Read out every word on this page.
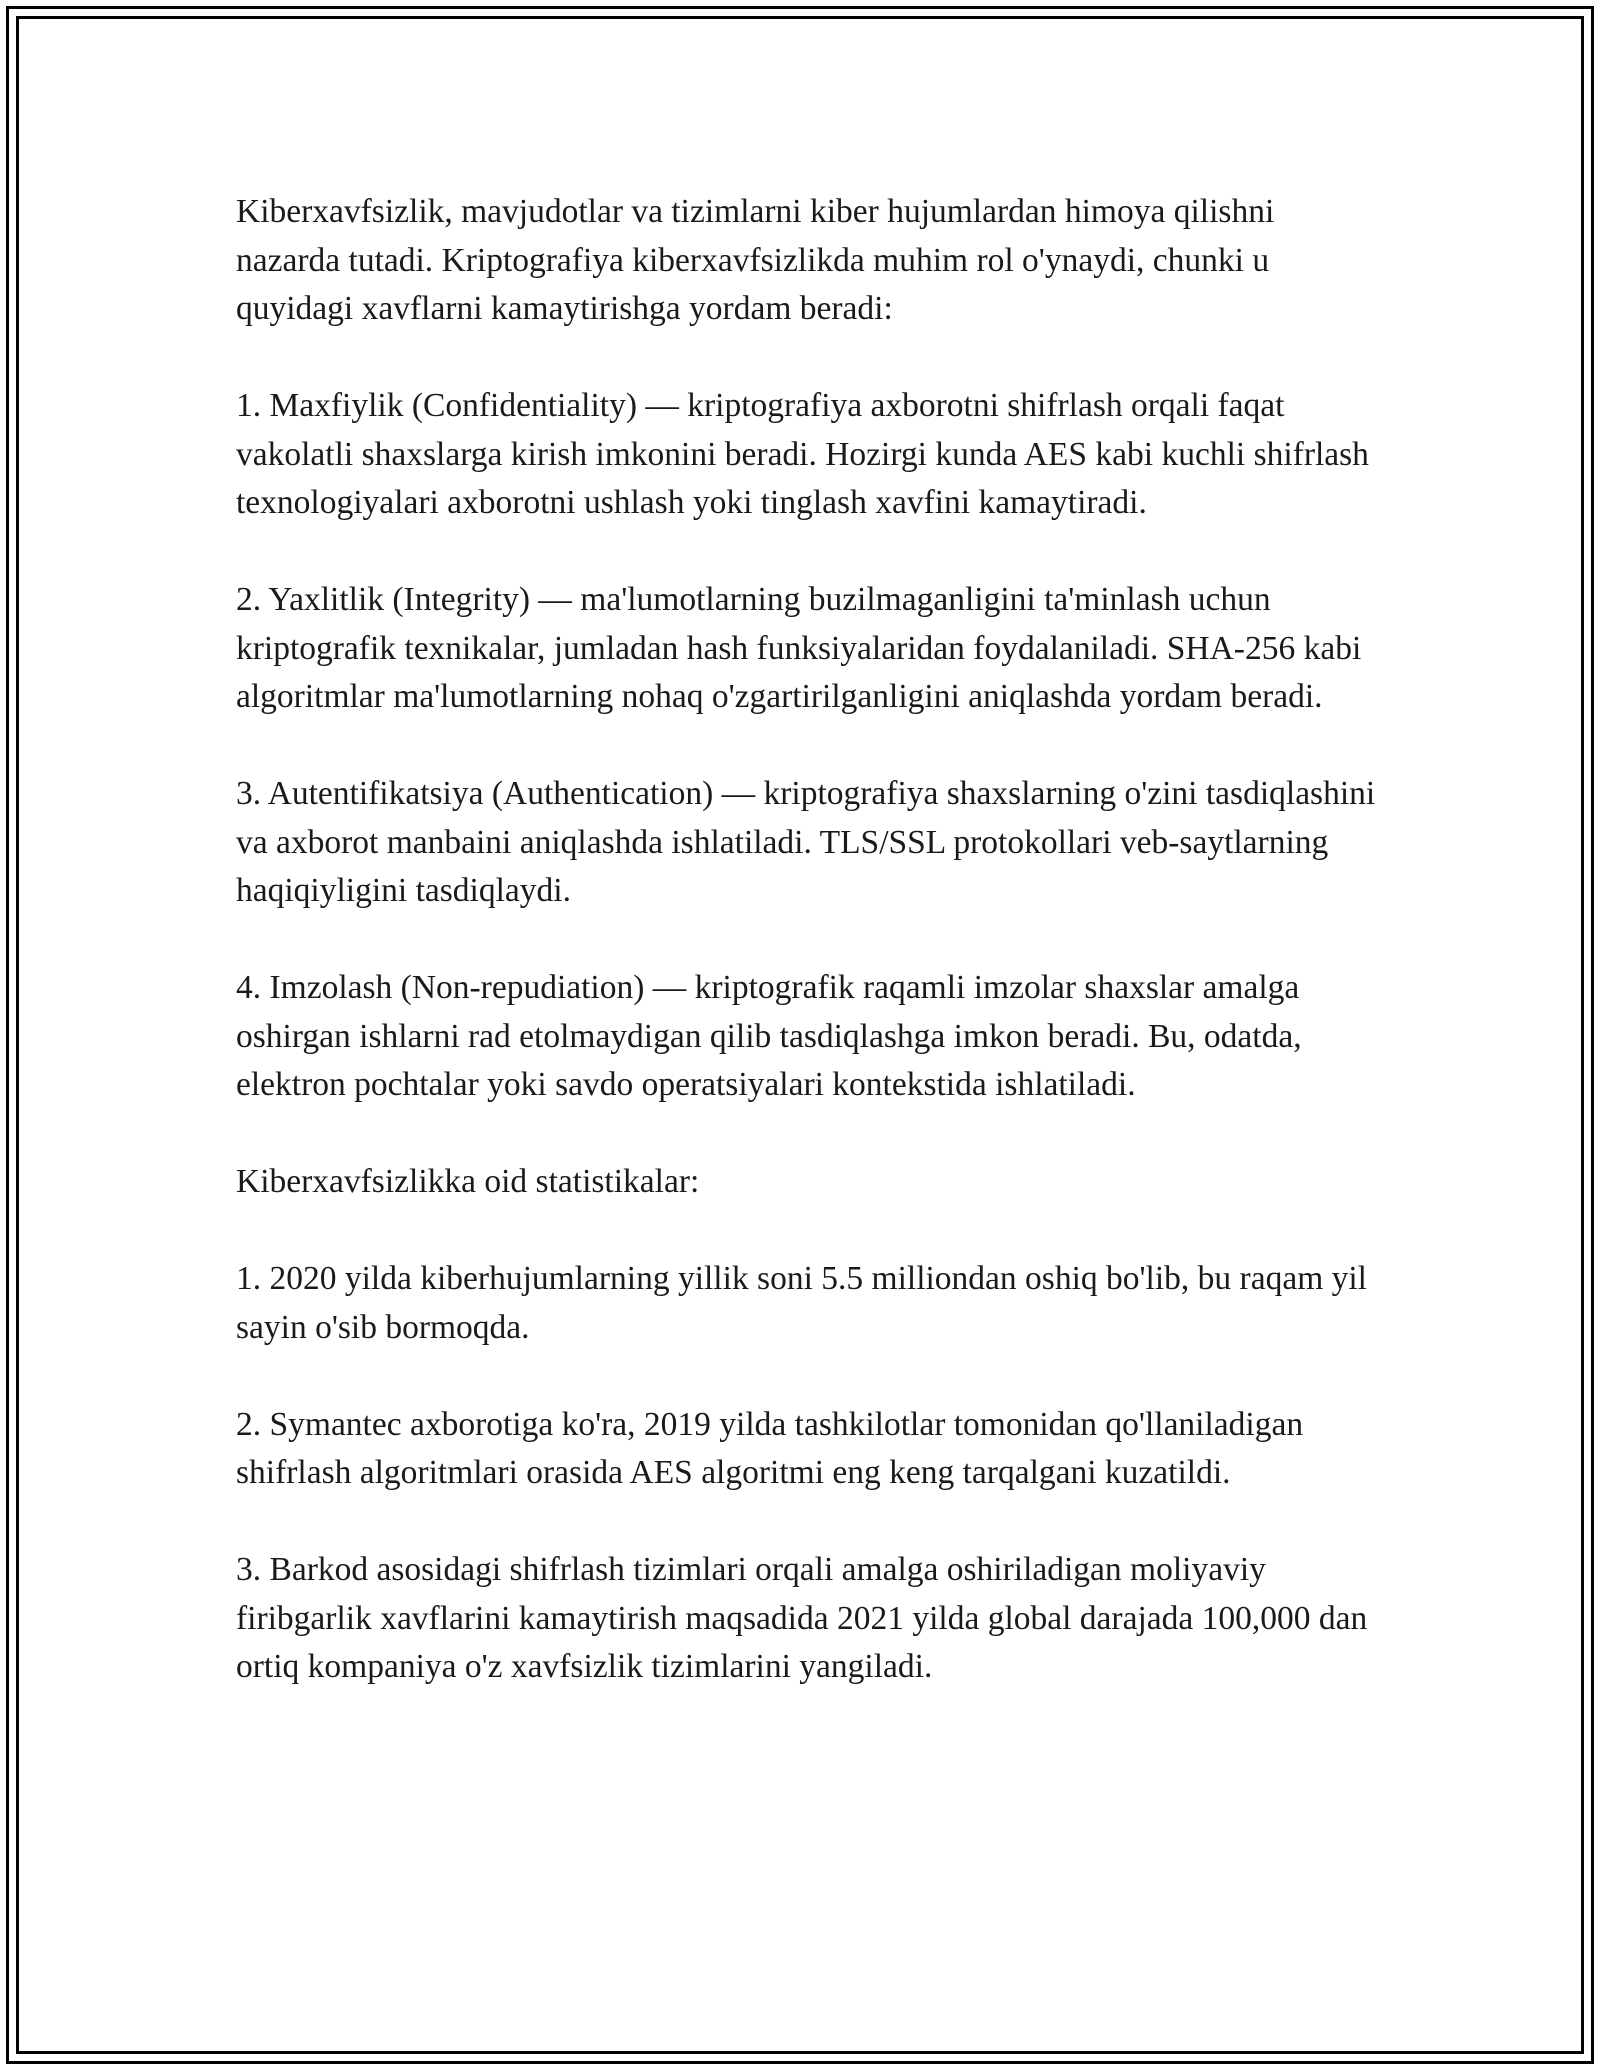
Kiberxavfsizlik, mavjudotlar va tizimlarni kiber hujumlardan himoya qilishni nazarda tutadi. Kriptografiya kiberxavfsizlikda muhim rol o'ynaydi, chunki u quyidagi xavflarni kamaytirishga yordam beradi:

1. Maxfiylik (Confidentiality) — kriptografiya axborotni shifrlash orqali faqat vakolatli shaxslarga kirish imkonini beradi. Hozirgi kunda AES kabi kuchli shifrlash texnologiyalari axborotni ushlash yoki tinglash xavfini kamaytiradi.

2. Yaxlitlik (Integrity) — ma'lumotlarning buzilmaganligini ta'minlash uchun kriptografik texnikalar, jumladan hash funksiyalaridan foydalaniladi. SHA-256 kabi algoritmlar ma'lumotlarning nohaq o'zgartirilganligini aniqlashda yordam beradi.

3. Autentifikatsiya (Authentication) — kriptografiya shaxslarning o'zini tasdiqlashini va axborot manbaini aniqlashda ishlatiladi. TLS/SSL protokollari veb-saytlarning haqiqiyligini tasdiqlaydi.

4. Imzolash (Non-repudiation) — kriptografik raqamli imzolar shaxslar amalga oshirgan ishlarni rad etolmaydigan qilib tasdiqlashga imkon beradi. Bu, odatda, elektron pochtalar yoki savdo operatsiyalari kontekstida ishlatiladi.

Kiberxavfsizlikka oid statistikalar:

1. 2020 yilda kiberhujumlarning yillik soni 5.5 milliondan oshiq bo'lib, bu raqam yil sayin o'sib bormoqda.

2. Symantec axborotiga ko'ra, 2019 yilda tashkilotlar tomonidan qo'llaniladigan shifrlash algoritmlari orasida AES algoritmi eng keng tarqalgani kuzatildi.

3. Barkod asosidagi shifrlash tizimlari orqali amalga oshiriladigan moliyaviy firibgarlik xavflarini kamaytirish maqsadida 2021 yilda global darajada 100,000 dan ortiq kompaniya o'z xavfsizlik tizimlarini yangiladi.
